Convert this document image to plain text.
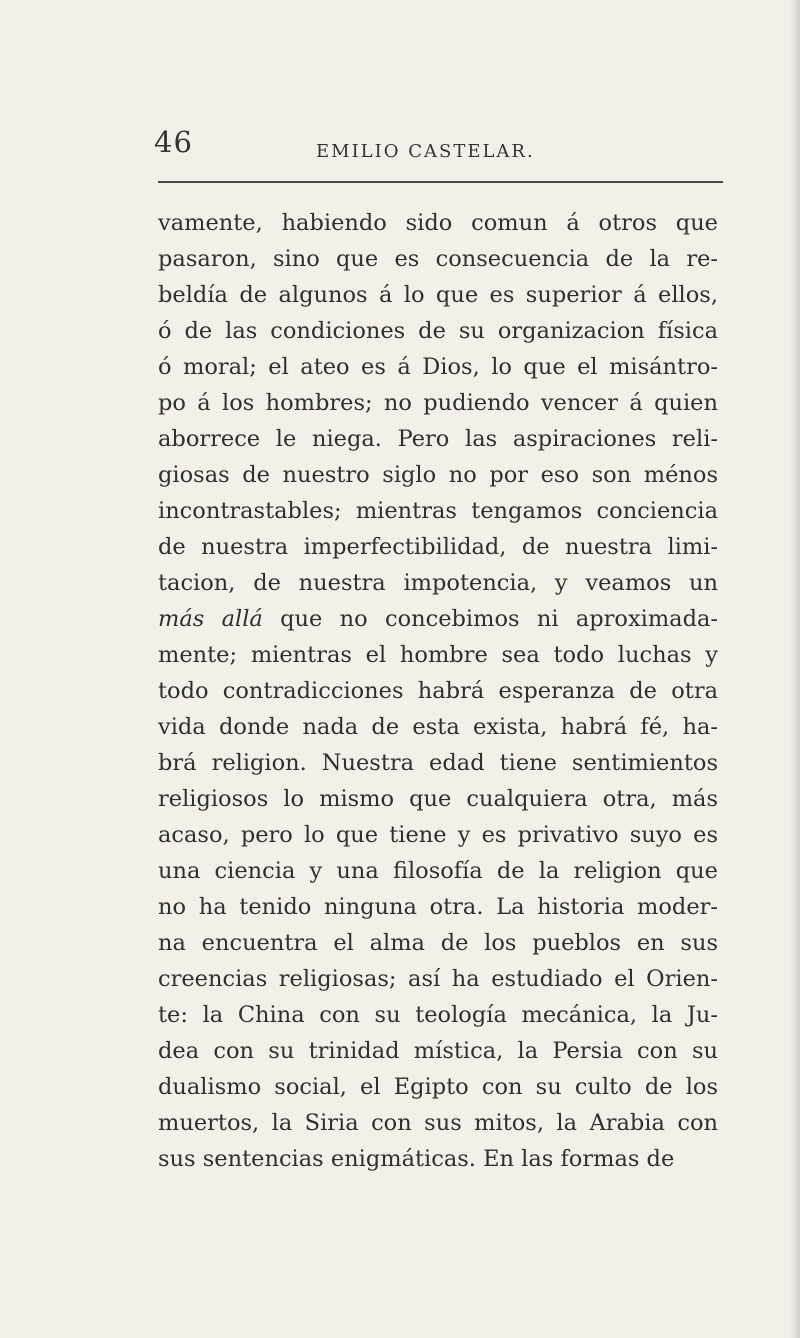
46	EMILIO CASTELAR.
vamente, habiendo sido comun á otros que
pasaron, sino que es consecuencia de la re-
beldía de algunos á lo que es superior á ellos,
ó de las condiciones de su organizacion física
ó moral; el ateo es á Dios, lo que el misántro-
po á los hombres; no pudiendo vencer á quien
aborrece le niega. Pero las aspiraciones reli-
giosas de nuestro siglo no por eso son ménos
incontrastables; mientras tengamos conciencia
de nuestra imperfectibilidad, de nuestra limi-
tacion, de nuestra impotencia, y veamos un
más allá que no concebimos ni aproximada-
mente; mientras el hombre sea todo luchas y
todo contradicciones habrá esperanza de otra
vida donde nada de esta exista, habrá fé, ha-
brá religion. Nuestra edad tiene sentimientos
religiosos lo mismo que cualquiera otra, más
acaso, pero lo que tiene y es privativo suyo es
una ciencia y una filosofía de la religion que
no ha tenido ninguna otra. La historia moder-
na encuentra el alma de los pueblos en sus
creencias religiosas; así ha estudiado el Orien-
te: la China con su teología mecánica, la Ju-
dea con su trinidad mística, la Persia con su
dualismo social, el Egipto con su culto de los
muertos, la Siria con sus mitos, la Arabia con
sus sentencias enigmáticas. En las formas de
